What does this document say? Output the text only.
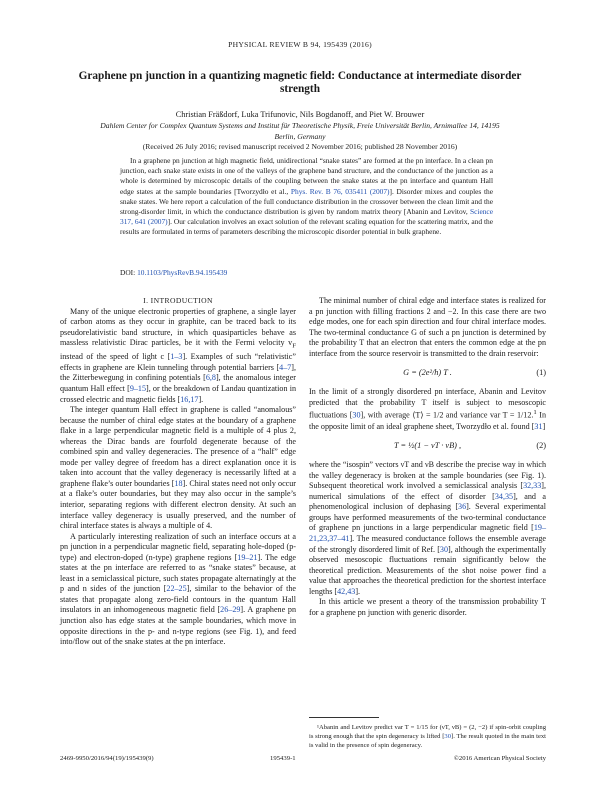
PHYSICAL REVIEW B 94, 195439 (2016)
Graphene pn junction in a quantizing magnetic field: Conductance at intermediate disorder strength
Christian Fräßdorf, Luka Trifunovic, Nils Bogdanoff, and Piet W. Brouwer
Dahlem Center for Complex Quantum Systems and Institut für Theoretische Physik, Freie Universität Berlin, Arnimallee 14, 14195 Berlin, Germany
(Received 26 July 2016; revised manuscript received 2 November 2016; published 28 November 2016)

In a graphene pn junction at high magnetic field, unidirectional “snake states” are formed at the pn interface. In a clean pn junction, each snake state exists in one of the valleys of the graphene band structure, and the conductance of the junction as a whole is determined by microscopic details of the coupling between the snake states at the pn interface and quantum Hall edge states at the sample boundaries [Tworzydło et al., Phys. Rev. B 76, 035411 (2007)]. Disorder mixes and couples the snake states. We here report a calculation of the full conductance distribution in the crossover between the clean limit and the strong-disorder limit, in which the conductance distribution is given by random matrix theory [Abanin and Levitov, Science 317, 641 (2007)]. Our calculation involves an exact solution of the relevant scaling equation for the scattering matrix, and the results are formulated in terms of parameters describing the microscopic disorder potential in bulk graphene.

DOI: 10.1103/PhysRevB.94.195439

I. INTRODUCTION

Many of the unique electronic properties of graphene, a single layer of carbon atoms as they occur in graphite, can be traced back to its pseudorelativistic band structure, in which quasiparticles behave as massless relativistic Dirac particles, be it with the Fermi velocity $v_F$ instead of the speed of light c [1–3]. Examples of such “relativistic” effects in graphene are Klein tunneling through potential barriers [4–7], the Zitterbewegung in confining potentials [6,8], the anomalous integer quantum Hall effect [9–15], or the breakdown of Landau quantization in crossed electric and magnetic fields [16,17].

The integer quantum Hall effect in graphene is called “anomalous” because the number of chiral edge states at the boundary of a graphene flake in a large perpendicular magnetic field is a multiple of 4 plus 2, whereas the Dirac bands are fourfold degenerate because of the combined spin and valley degeneracies. The presence of a “half” edge mode per valley degree of freedom has a direct explanation once it is taken into account that the valley degeneracy is necessarily lifted at a graphene flake’s outer boundaries [18]. Chiral states need not only occur at a flake’s outer boundaries, but they may also occur in the sample’s interior, separating regions with different electron density. At such an interface valley degeneracy is usually preserved, and the number of chiral interface states is always a multiple of 4.

A particularly interesting realization of such an interface occurs at a pn junction in a perpendicular magnetic field, separating hole-doped (p-type) and electron-doped (n-type) graphene regions [19–21]. The edge states at the pn interface are referred to as “snake states” because, at least in a semiclassical picture, such states propagate alternatingly at the p and n sides of the junction [22–25], similar to the behavior of the states that propagate along zero-field contours in the quantum Hall insulators in an inhomogeneous magnetic field [26–29]. A graphene pn junction also has edge states at the sample boundaries, which move in opposite directions in the p- and n-type regions (see Fig. 1), and feed into/flow out of the snake states at the pn interface.

The minimal number of chiral edge and interface states is realized for a pn junction with filling fractions 2 and −2. In this case there are two edge modes, one for each spin direction and four chiral interface modes. The two-terminal conductance G of such a pn junction is determined by the probability T that an electron that enters the common edge at the pn interface from the source reservoir is transmitted to the drain reservoir:

G = (2e²/h) T .	(1)

In the limit of a strongly disordered pn interface, Abanin and Levitov predicted that the probability T itself is subject to mesoscopic fluctuations [30], with average ⟨T⟩ = 1/2 and variance var T = 1/12.$^1$ In the opposite limit of an ideal graphene sheet, Tworzydło et al. found [31]

T = ½(1 − νT · νB) ,	(2)

where the “isospin” vectors νT and νB describe the precise way in which the valley degeneracy is broken at the sample boundaries (see Fig. 1). Subsequent theoretical work involved a semiclassical analysis [32,33], numerical simulations of the effect of disorder [34,35], and a phenomenological inclusion of dephasing [36]. Several experimental groups have performed measurements of the two-terminal conductance of graphene pn junctions in a large perpendicular magnetic field [19–21,23,37–41]. The measured conductance follows the ensemble average of the strongly disordered limit of Ref. [30], although the experimentally observed mesoscopic fluctuations remain significantly below the theoretical prediction. Measurements of the shot noise power find a value that approaches the theoretical prediction for the shortest interface lengths [42,43].

In this article we present a theory of the transmission probability T for a graphene pn junction with generic disorder.

¹Abanin and Levitov predict var T = 1/15 for (νT, νB) = (2, −2) if spin-orbit coupling is strong enough that the spin degeneracy is lifted [30]. The result quoted in the main text is valid in the presence of spin degeneracy.

2469-9950/2016/94(19)/195439(9)	195439-1	©2016 American Physical Society
